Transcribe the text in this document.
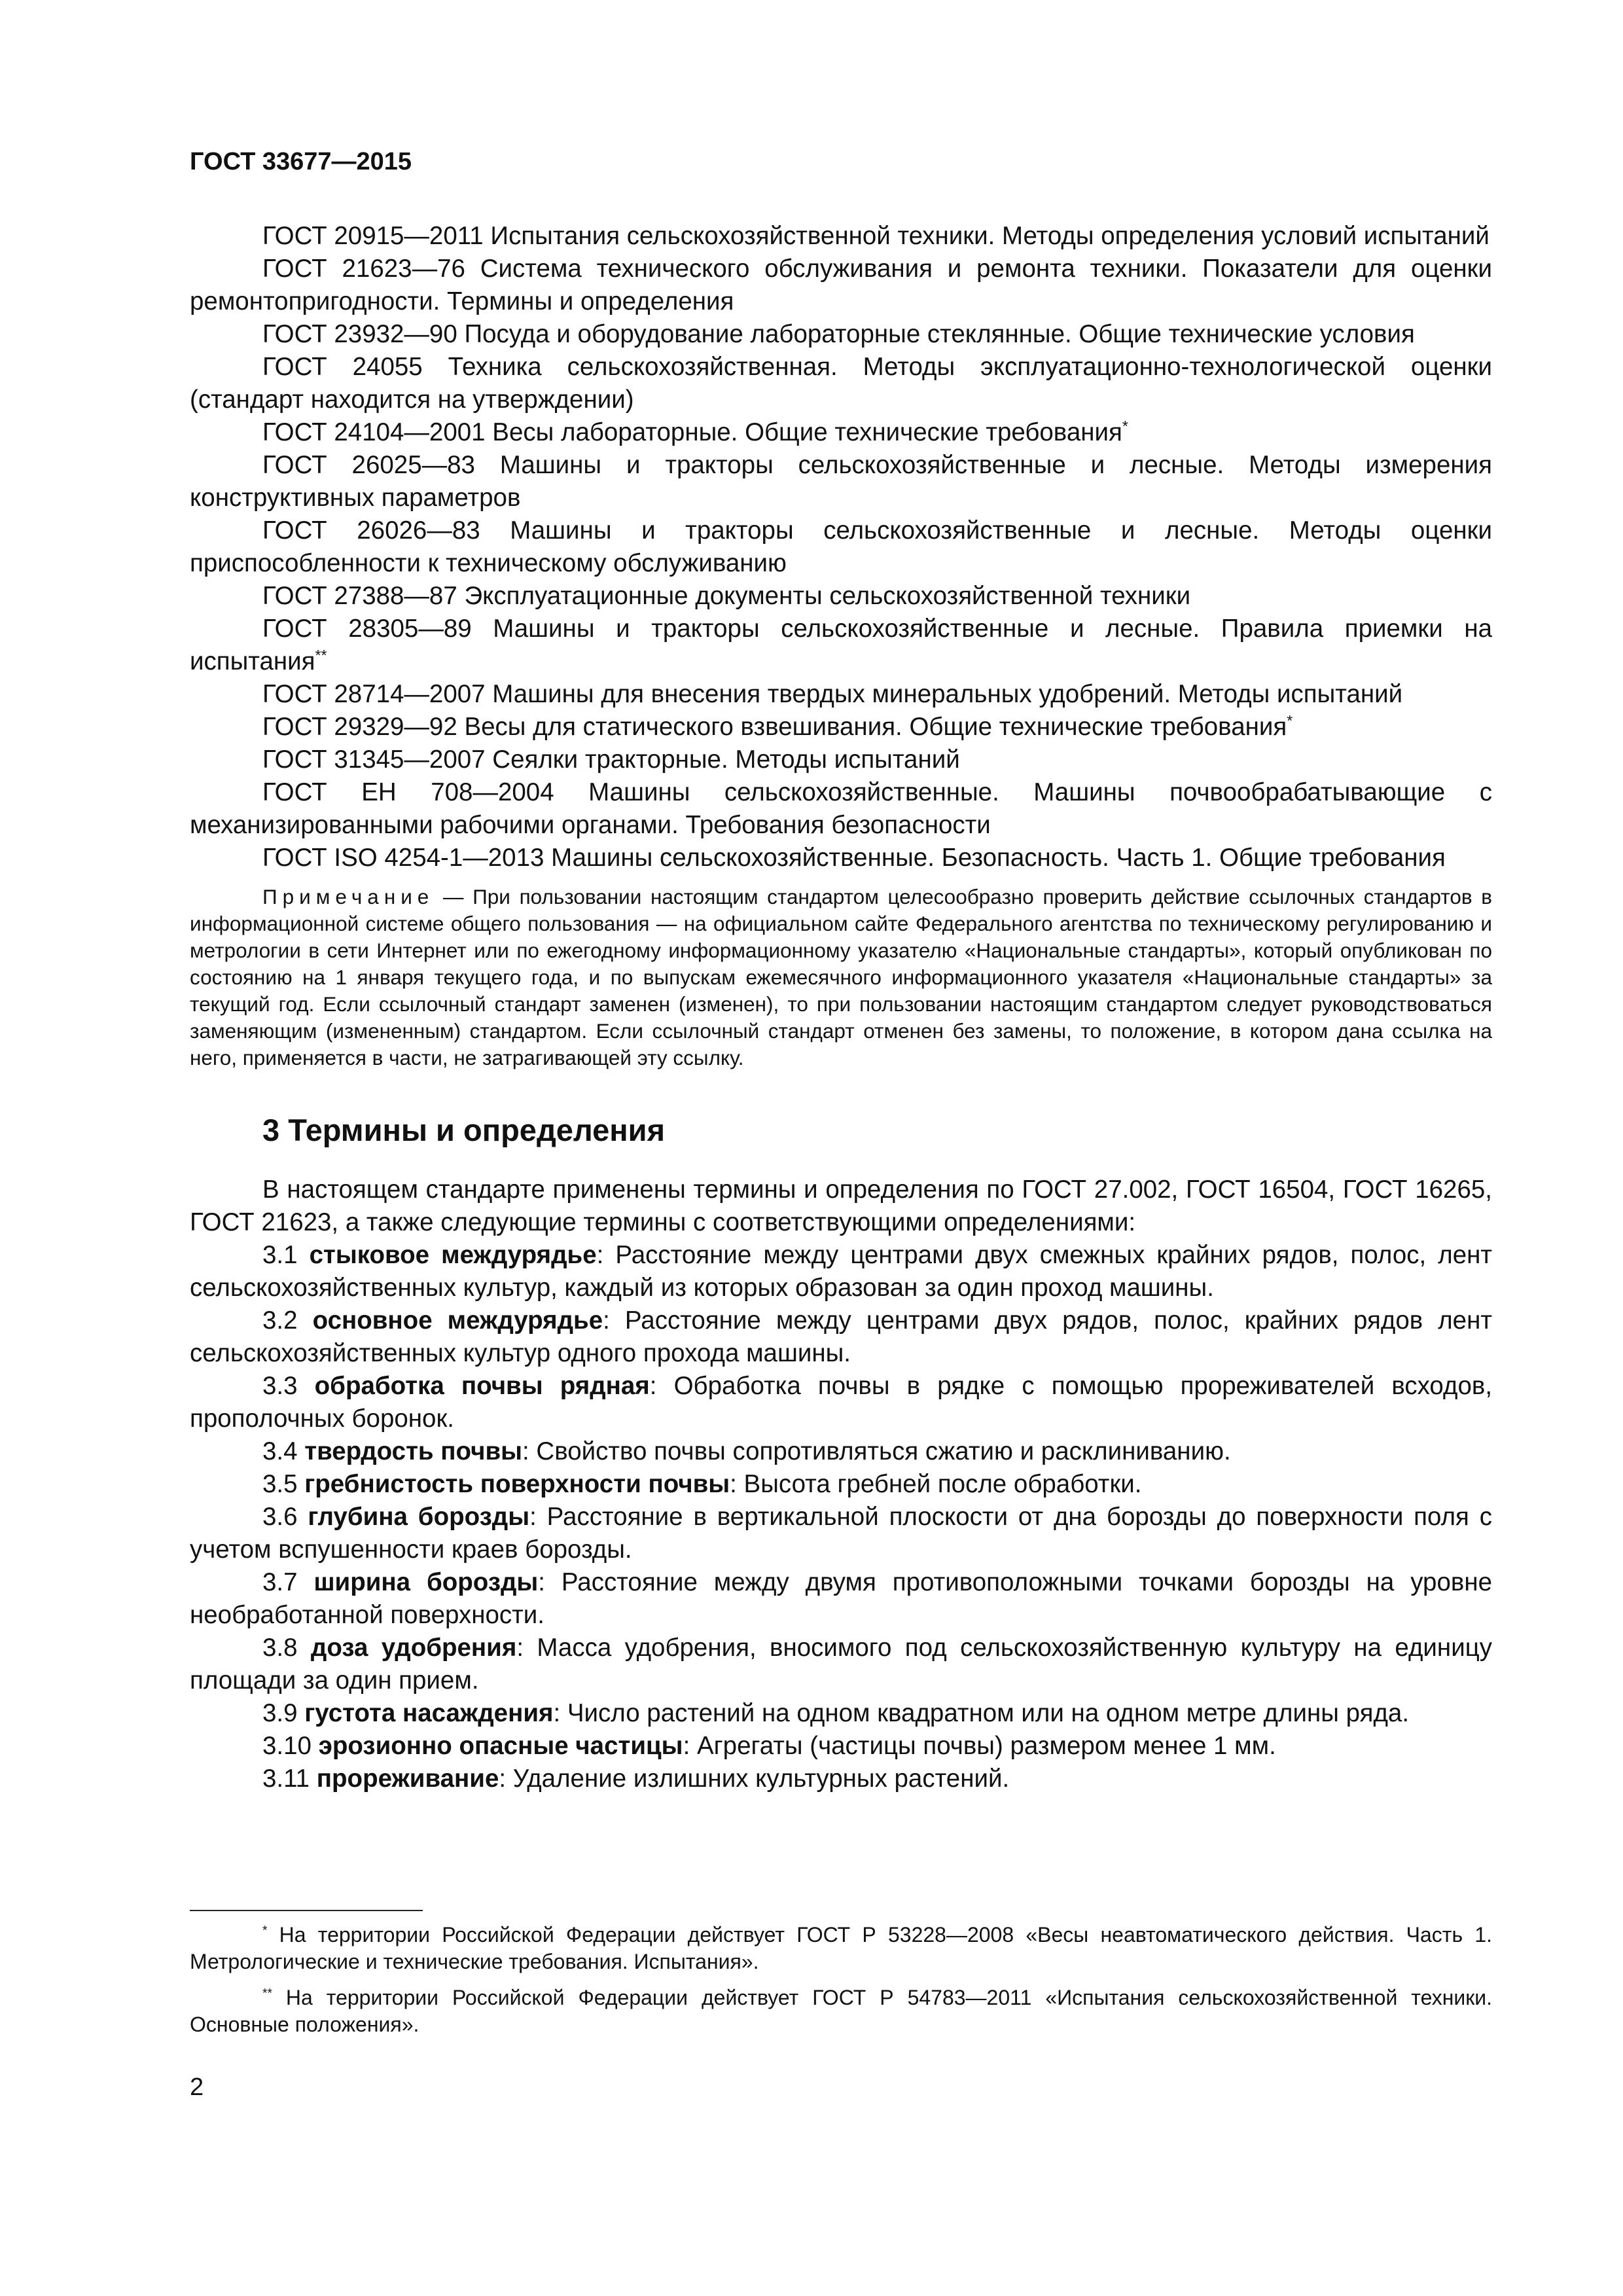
ГОСТ 33677—2015

ГОСТ 20915—2011 Испытания сельскохозяйственной техники. Методы определения условий испытаний

ГОСТ 21623—76 Система технического обслуживания и ремонта техники. Показатели для оценки ремонтопригодности. Термины и определения

ГОСТ 23932—90 Посуда и оборудование лабораторные стеклянные. Общие технические условия

ГОСТ 24055 Техника сельскохозяйственная. Методы эксплуатационно-технологической оценки (стандарт находится на утверждении)

ГОСТ 24104—2001 Весы лабораторные. Общие технические требования*

ГОСТ 26025—83 Машины и тракторы сельскохозяйственные и лесные. Методы измерения конструктивных параметров

ГОСТ 26026—83 Машины и тракторы сельскохозяйственные и лесные. Методы оценки приспособленности к техническому обслуживанию

ГОСТ 27388—87 Эксплуатационные документы сельскохозяйственной техники

ГОСТ 28305—89 Машины и тракторы сельскохозяйственные и лесные. Правила приемки на испытания**

ГОСТ 28714—2007 Машины для внесения твердых минеральных удобрений. Методы испытаний

ГОСТ 29329—92 Весы для статического взвешивания. Общие технические требования*

ГОСТ 31345—2007 Сеялки тракторные. Методы испытаний

ГОСТ ЕН 708—2004 Машины сельскохозяйственные. Машины почвообрабатывающие с механизированными рабочими органами. Требования безопасности

ГОСТ ISO 4254-1—2013 Машины сельскохозяйственные. Безопасность. Часть 1. Общие требования

Примечание — При пользовании настоящим стандартом целесообразно проверить действие ссылочных стандартов в информационной системе общего пользования — на официальном сайте Федерального агентства по техническому регулированию и метрологии в сети Интернет или по ежегодному информационному указателю «Национальные стандарты», который опубликован по состоянию на 1 января текущего года, и по выпускам ежемесячного информационного указателя «Национальные стандарты» за текущий год. Если ссылочный стандарт заменен (изменен), то при пользовании настоящим стандартом следует руководствоваться заменяющим (измененным) стандартом. Если ссылочный стандарт отменен без замены, то положение, в котором дана ссылка на него, применяется в части, не затрагивающей эту ссылку.

3 Термины и определения

В настоящем стандарте применены термины и определения по ГОСТ 27.002, ГОСТ 16504, ГОСТ 16265, ГОСТ 21623, а также следующие термины с соответствующими определениями:

3.1 стыковое междурядье: Расстояние между центрами двух смежных крайних рядов, полос, лент сельскохозяйственных культур, каждый из которых образован за один проход машины.

3.2 основное междурядье: Расстояние между центрами двух рядов, полос, крайних рядов лент сельскохозяйственных культур одного прохода машины.

3.3 обработка почвы рядная: Обработка почвы в рядке с помощью прореживателей всходов, прополочных боронок.

3.4 твердость почвы: Свойство почвы сопротивляться сжатию и расклиниванию.

3.5 гребнистость поверхности почвы: Высота гребней после обработки.

3.6 глубина борозды: Расстояние в вертикальной плоскости от дна борозды до поверхности поля с учетом вспушенности краев борозды.

3.7 ширина борозды: Расстояние между двумя противоположными точками борозды на уровне необработанной поверхности.

3.8 доза удобрения: Масса удобрения, вносимого под сельскохозяйственную культуру на единицу площади за один прием.

3.9 густота насаждения: Число растений на одном квадратном или на одном метре длины ряда.

3.10 эрозионно опасные частицы: Агрегаты (частицы почвы) размером менее 1 мм.

3.11 прореживание: Удаление излишних культурных растений.

* На территории Российской Федерации действует ГОСТ Р 53228—2008 «Весы неавтоматического действия. Часть 1. Метрологические и технические требования. Испытания».

** На территории Российской Федерации действует ГОСТ Р 54783—2011 «Испытания сельскохозяйственной техники. Основные положения».

2
